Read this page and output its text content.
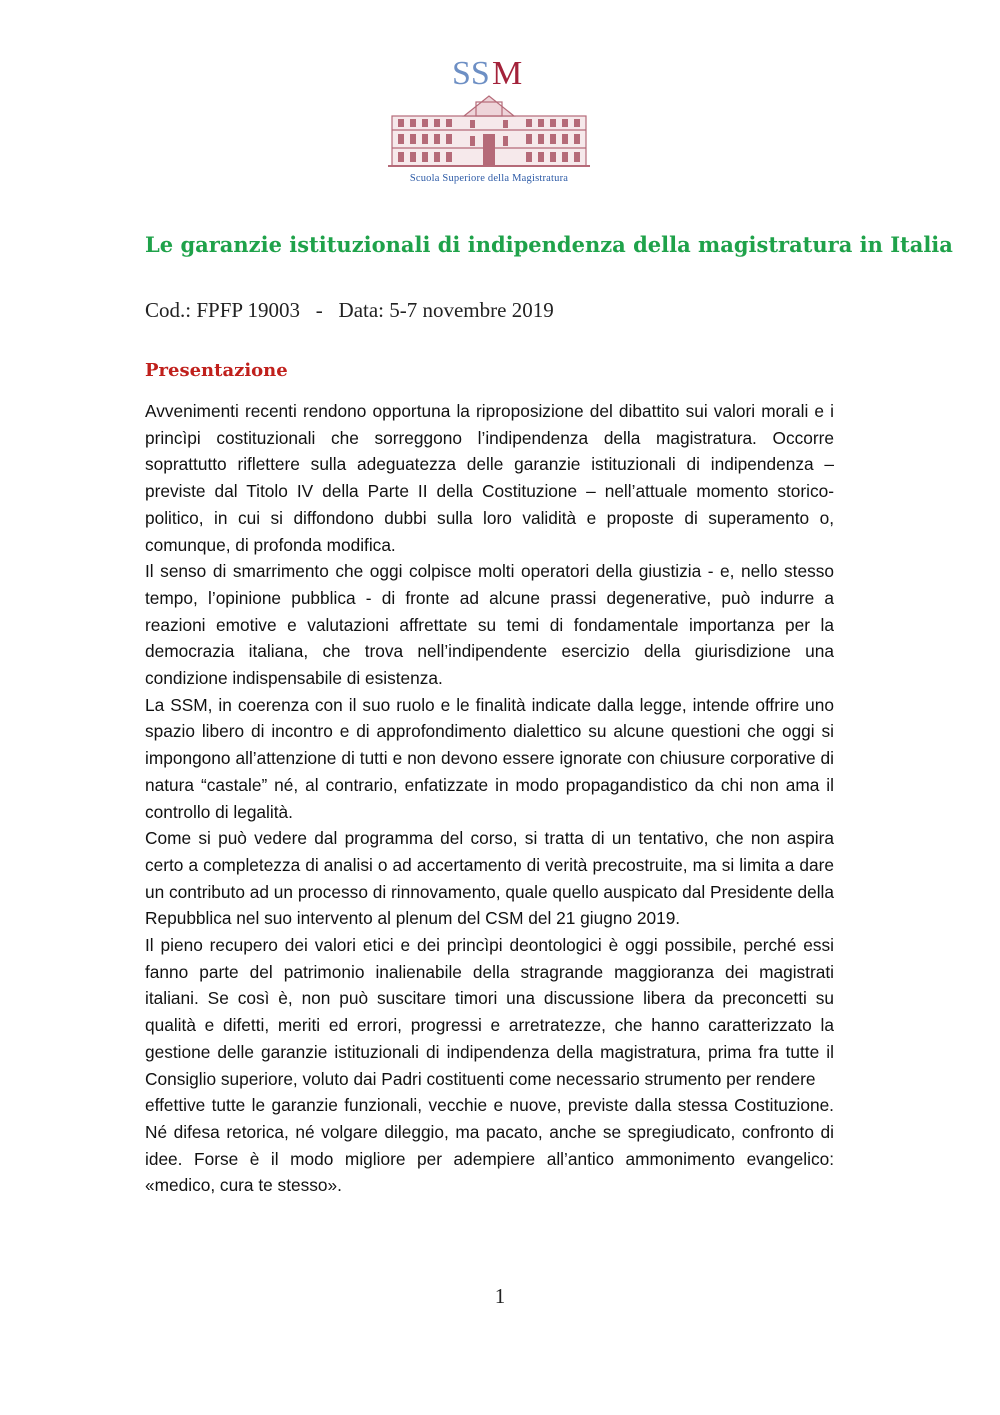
SS M
Scuola Superiore della Magistratura
Le garanzie istituzionali di indipendenza della magistratura in Italia
Cod.: FPFP 19003   -   Data: 5-7 novembre 2019
Presentazione

Avvenimenti recenti rendono opportuna la riproposizione del dibattito sui valori morali e i princìpi costituzionali che sorreggono l’indipendenza della magistratura. Occorre soprattutto riflettere sulla adeguatezza delle garanzie istituzionali di indipendenza – previste dal Titolo IV della Parte II della Costituzione – nell’attuale momento storico-politico, in cui si diffondono dubbi sulla loro validità e proposte di superamento o, comunque, di profonda modifica.

Il senso di smarrimento che oggi colpisce molti operatori della giustizia - e, nello stesso tempo, l’opinione pubblica - di fronte ad alcune prassi degenerative, può indurre a reazioni emotive e valutazioni affrettate su temi di fondamentale importanza per la democrazia italiana, che trova nell’indipendente esercizio della giurisdizione una condizione indispensabile di esistenza.

La SSM, in coerenza con il suo ruolo e le finalità indicate dalla legge, intende offrire uno spazio libero di incontro e di approfondimento dialettico su alcune questioni che oggi si impongono all’attenzione di tutti e non devono essere ignorate con chiusure corporative di natura “castale” né, al contrario, enfatizzate in modo propagandistico da chi non ama il controllo di legalità.

Come si può vedere dal programma del corso, si tratta di un tentativo, che non aspira certo a completezza di analisi o ad accertamento di verità precostruite, ma si limita a dare un contributo ad un processo di rinnovamento, quale quello auspicato dal Presidente della Repubblica nel suo intervento al plenum del CSM del 21 giugno 2019.

Il pieno recupero dei valori etici e dei princìpi deontologici è oggi possibile, perché essi fanno parte del patrimonio inalienabile della stragrande maggioranza dei magistrati italiani. Se così è, non può suscitare timori una discussione libera da preconcetti su qualità e difetti, meriti ed errori, progressi e arretratezze, che hanno caratterizzato la gestione delle garanzie istituzionali di indipendenza della magistratura, prima fra tutte il Consiglio superiore, voluto dai Padri costituenti come necessario strumento per rendere

effettive tutte le garanzie funzionali, vecchie e nuove, previste dalla stessa Costituzione. Né difesa retorica, né volgare dileggio, ma pacato, anche se spregiudicato, confronto di idee. Forse è il modo migliore per adempiere all’antico ammonimento evangelico: «medico, cura te stesso».

1
